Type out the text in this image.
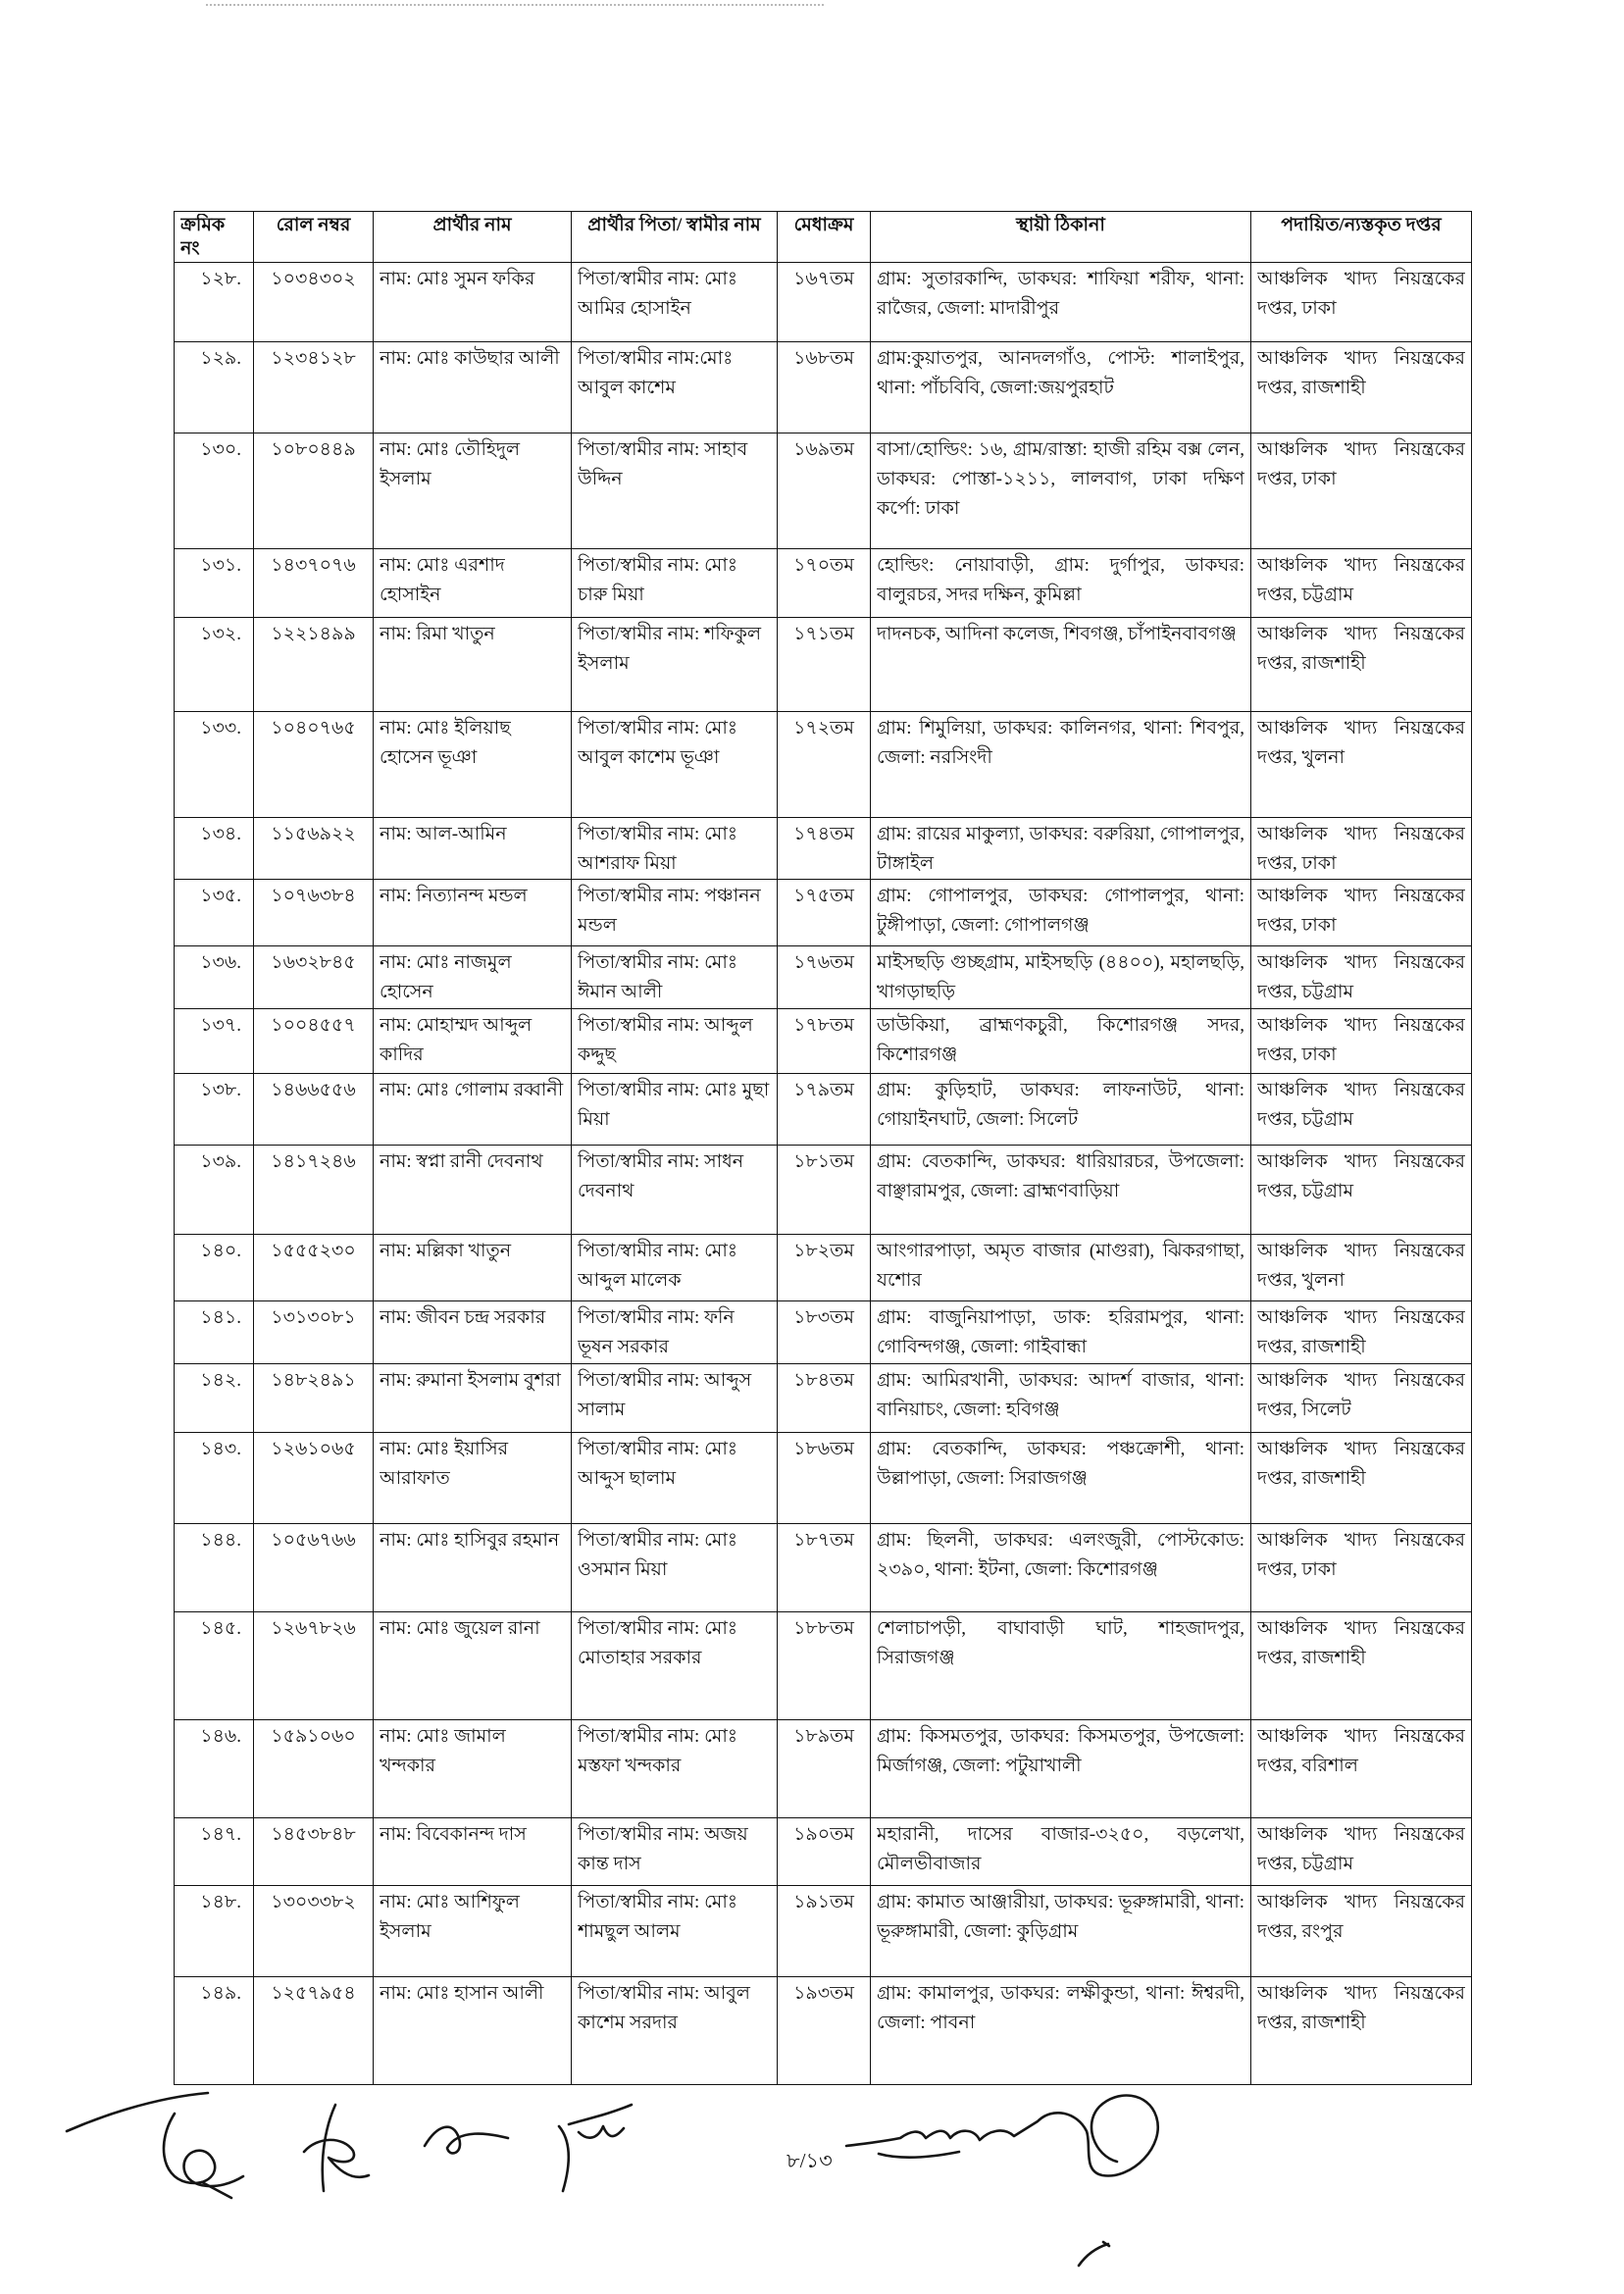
ক্রমিক নং	রোল নম্বর	প্রার্থীর নাম	প্রার্থীর পিতা/ স্বামীর নাম	মেধাক্রম	স্থায়ী ঠিকানা	পদায়িত/ন্যস্তকৃত দপ্তর

১২৮.	১০৩৪৩০২	নাম: মোঃ সুমন ফকির	পিতা/স্বামীর নাম: মোঃ আমির হোসাইন	১৬৭তম	গ্রাম: সুতারকান্দি, ডাকঘর: শাফিয়া শরীফ, থানা: রাজৈর, জেলা: মাদারীপুর	আঞ্চলিক খাদ্য নিয়ন্ত্রকের দপ্তর, ঢাকা

১২৯.	১২৩৪১২৮	নাম: মোঃ কাউছার আলী	পিতা/স্বামীর নাম:মোঃ আবুল কাশেম	১৬৮তম	গ্রাম:কুয়াতপুর, আনদলগাঁও, পোস্ট: শালাইপুর, থানা: পাঁচবিবি, জেলা:জয়পুরহাট	আঞ্চলিক খাদ্য নিয়ন্ত্রকের দপ্তর, রাজশাহী

১৩০.	১০৮০৪৪৯	নাম: মোঃ তৌহিদুল ইসলাম	পিতা/স্বামীর নাম: সাহাব উদ্দিন	১৬৯তম	বাসা/হোল্ডিং: ১৬, গ্রাম/রাস্তা: হাজী রহিম বক্স লেন, ডাকঘর: পোস্তা-১২১১, লালবাগ, ঢাকা দক্ষিণ কর্পো: ঢাকা	আঞ্চলিক খাদ্য নিয়ন্ত্রকের দপ্তর, ঢাকা

১৩১.	১৪৩৭০৭৬	নাম: মোঃ এরশাদ হোসাইন	পিতা/স্বামীর নাম: মোঃ চারু মিয়া	১৭০তম	হোল্ডিং: নোয়াবাড়ী, গ্রাম: দুর্গাপুর, ডাকঘর: বালুরচর, সদর দক্ষিন, কুমিল্লা	আঞ্চলিক খাদ্য নিয়ন্ত্রকের দপ্তর, চট্টগ্রাম

১৩২.	১২২১৪৯৯	নাম: রিমা খাতুন	পিতা/স্বামীর নাম: শফিকুল ইসলাম	১৭১তম	দাদনচক, আদিনা কলেজ, শিবগঞ্জ, চাঁপাইনবাবগঞ্জ	আঞ্চলিক খাদ্য নিয়ন্ত্রকের দপ্তর, রাজশাহী

১৩৩.	১০৪০৭৬৫	নাম: মোঃ ইলিয়াছ হোসেন ভূঞা	পিতা/স্বামীর নাম: মোঃ আবুল কাশেম ভূঞা	১৭২তম	গ্রাম: শিমুলিয়া, ডাকঘর: কালিনগর, থানা: শিবপুর, জেলা: নরসিংদী	আঞ্চলিক খাদ্য নিয়ন্ত্রকের দপ্তর, খুলনা

১৩৪.	১১৫৬৯২২	নাম: আল-আমিন	পিতা/স্বামীর নাম: মোঃ আশরাফ মিয়া	১৭৪তম	গ্রাম: রায়ের মাকুল্যা, ডাকঘর: বরুরিয়া, গোপালপুর, টাঙ্গাইল	আঞ্চলিক খাদ্য নিয়ন্ত্রকের দপ্তর, ঢাকা

১৩৫.	১০৭৬৩৮৪	নাম: নিত্যানন্দ মন্ডল	পিতা/স্বামীর নাম: পঞ্চানন মন্ডল	১৭৫তম	গ্রাম: গোপালপুর, ডাকঘর: গোপালপুর, থানা: টুঙ্গীপাড়া, জেলা: গোপালগঞ্জ	আঞ্চলিক খাদ্য নিয়ন্ত্রকের দপ্তর, ঢাকা

১৩৬.	১৬৩২৮৪৫	নাম: মোঃ নাজমুল হোসেন	পিতা/স্বামীর নাম: মোঃ ঈমান আলী	১৭৬তম	মাইসছড়ি গুচ্ছগ্রাম, মাইসছড়ি (৪৪০০), মহালছড়ি, খাগড়াছড়ি	আঞ্চলিক খাদ্য নিয়ন্ত্রকের দপ্তর, চট্টগ্রাম

১৩৭.	১০০৪৫৫৭	নাম: মোহাম্মদ আব্দুল কাদির	পিতা/স্বামীর নাম: আব্দুল কদ্দুছ	১৭৮তম	ডাউকিয়া, ব্রাহ্মণকচুরী, কিশোরগঞ্জ সদর, কিশোরগঞ্জ	আঞ্চলিক খাদ্য নিয়ন্ত্রকের দপ্তর, ঢাকা

১৩৮.	১৪৬৬৫৫৬	নাম: মোঃ গোলাম রব্বানী	পিতা/স্বামীর নাম: মোঃ মুছা মিয়া	১৭৯তম	গ্রাম: কুড়িহাট, ডাকঘর: লাফনাউট, থানা: গোয়াইনঘাট, জেলা: সিলেট	আঞ্চলিক খাদ্য নিয়ন্ত্রকের দপ্তর, চট্টগ্রাম

১৩৯.	১৪১৭২৪৬	নাম: স্বপ্না রানী দেবনাথ	পিতা/স্বামীর নাম: সাধন দেবনাথ	১৮১তম	গ্রাম: বেতকান্দি, ডাকঘর: ধারিয়ারচর, উপজেলা: বাঞ্ছারামপুর, জেলা: ব্রাহ্মণবাড়িয়া	আঞ্চলিক খাদ্য নিয়ন্ত্রকের দপ্তর, চট্টগ্রাম

১৪০.	১৫৫৫২৩০	নাম: মল্লিকা খাতুন	পিতা/স্বামীর নাম: মোঃ আব্দুল মালেক	১৮২তম	আংগারপাড়া, অমৃত বাজার (মাগুরা), ঝিকরগাছা, যশোর	আঞ্চলিক খাদ্য নিয়ন্ত্রকের দপ্তর, খুলনা

১৪১.	১৩১৩০৮১	নাম: জীবন চন্দ্র সরকার	পিতা/স্বামীর নাম: ফনি ভূষন সরকার	১৮৩তম	গ্রাম: বাজুনিয়াপাড়া, ডাক: হরিরামপুর, থানা: গোবিন্দগঞ্জ, জেলা: গাইবান্ধা	আঞ্চলিক খাদ্য নিয়ন্ত্রকের দপ্তর, রাজশাহী

১৪২.	১৪৮২৪৯১	নাম: রুমানা ইসলাম বুশরা	পিতা/স্বামীর নাম: আব্দুস সালাম	১৮৪তম	গ্রাম: আমিরখানী, ডাকঘর: আদর্শ বাজার, থানা: বানিয়াচং, জেলা: হবিগঞ্জ	আঞ্চলিক খাদ্য নিয়ন্ত্রকের দপ্তর, সিলেট

১৪৩.	১২৬১০৬৫	নাম: মোঃ ইয়াসির আরাফাত	পিতা/স্বামীর নাম: মোঃ আব্দুস ছালাম	১৮৬তম	গ্রাম: বেতকান্দি, ডাকঘর: পঞ্চক্রোশী, থানা: উল্লাপাড়া, জেলা: সিরাজগঞ্জ	আঞ্চলিক খাদ্য নিয়ন্ত্রকের দপ্তর, রাজশাহী

১৪৪.	১০৫৬৭৬৬	নাম: মোঃ হাসিবুর রহমান	পিতা/স্বামীর নাম: মোঃ ওসমান মিয়া	১৮৭তম	গ্রাম: ছিলনী, ডাকঘর: এলংজুরী, পোস্টকোড: ২৩৯০, থানা: ইটনা, জেলা: কিশোরগঞ্জ	আঞ্চলিক খাদ্য নিয়ন্ত্রকের দপ্তর, ঢাকা

১৪৫.	১২৬৭৮২৬	নাম: মোঃ জুয়েল রানা	পিতা/স্বামীর নাম: মোঃ মোতাহার সরকার	১৮৮তম	শেলাচাপড়ী, বাঘাবাড়ী ঘাট, শাহজাদপুর, সিরাজগঞ্জ	আঞ্চলিক খাদ্য নিয়ন্ত্রকের দপ্তর, রাজশাহী

১৪৬.	১৫৯১০৬০	নাম: মোঃ জামাল খন্দকার	পিতা/স্বামীর নাম: মোঃ মস্তফা খন্দকার	১৮৯তম	গ্রাম: কিসমতপুর, ডাকঘর: কিসমতপুর, উপজেলা: মির্জাগঞ্জ, জেলা: পটুয়াখালী	আঞ্চলিক খাদ্য নিয়ন্ত্রকের দপ্তর, বরিশাল

১৪৭.	১৪৫৩৮৪৮	নাম: বিবেকানন্দ দাস	পিতা/স্বামীর নাম: অজয় কান্ত দাস	১৯০তম	মহারানী, দাসের বাজার-৩২৫০, বড়লেখা, মৌলভীবাজার	আঞ্চলিক খাদ্য নিয়ন্ত্রকের দপ্তর, চট্টগ্রাম

১৪৮.	১৩০৩৩৮২	নাম: মোঃ আশিফুল ইসলাম	পিতা/স্বামীর নাম: মোঃ শামছুল আলম	১৯১তম	গ্রাম: কামাত আঞ্জারীয়া, ডাকঘর: ভূরুঙ্গামারী, থানা: ভূরুঙ্গামারী, জেলা: কুড়িগ্রাম	আঞ্চলিক খাদ্য নিয়ন্ত্রকের দপ্তর, রংপুর

১৪৯.	১২৫৭৯৫৪	নাম: মোঃ হাসান আলী	পিতা/স্বামীর নাম: আবুল কাশেম সরদার	১৯৩তম	গ্রাম: কামালপুর, ডাকঘর: লক্ষীকুন্ডা, থানা: ঈশ্বরদী, জেলা: পাবনা	আঞ্চলিক খাদ্য নিয়ন্ত্রকের দপ্তর, রাজশাহী
৮/১৩
